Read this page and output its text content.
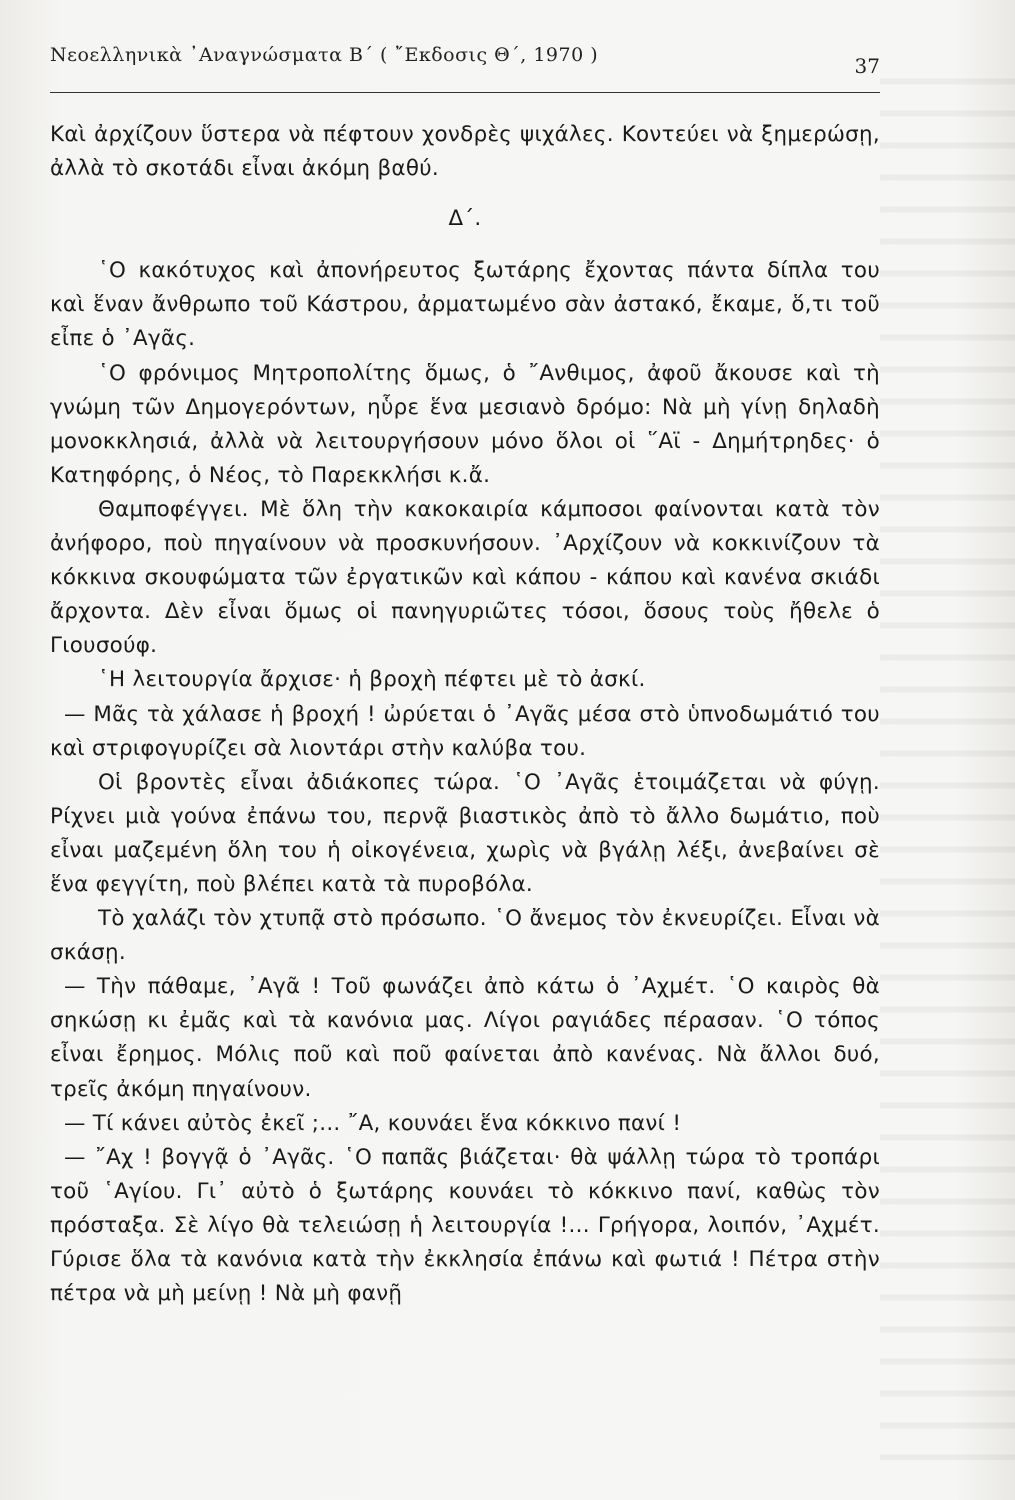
Νεοελληνικὰ ᾿Αναγνώσματα Β΄ ( ῎Εκδοσις Θ΄, 1970 )	37

Καὶ ἀρχίζουν ὕστερα νὰ πέφτουν χονδρὲς ψιχάλες. Κοντεύει νὰ ξημερώσῃ, ἀλλὰ τὸ σκοτάδι εἶναι ἀκόμη βαθύ.

Δ΄.

῾Ο κακότυχος καὶ ἀπονήρευτος ξωτάρης ἔχοντας πάντα δίπλα του καὶ ἕναν ἄνθρωπο τοῦ Κάστρου, ἀρματωμένο σὰν ἀστακό, ἔκαμε, ὅ,τι τοῦ εἶπε ὁ ᾿Αγᾶς.

῾Ο φρόνιμος Μητροπολίτης ὅμως, ὁ ῎Ανθιμος, ἀφοῦ ἄκουσε καὶ τὴ γνώμη τῶν Δημογερόντων, ηὗρε ἕνα μεσιανὸ δρόμο: Νὰ μὴ γίνῃ δηλαδὴ μονοκκλησιά, ἀλλὰ νὰ λειτουργήσουν μόνο ὅλοι οἱ ῞Αϊ - Δημήτρηδες· ὁ Κατηφόρης, ὁ Νέος, τὸ Παρεκκλήσι κ.ἄ.

Θαμποφέγγει. Μὲ ὅλη τὴν κακοκαιρία κάμποσοι φαίνονται κατὰ τὸν ἀνήφορο, ποὺ πηγαίνουν νὰ προσκυνήσουν. ᾿Αρχίζουν νὰ κοκκινίζουν τὰ κόκκινα σκουφώματα τῶν ἐργατικῶν καὶ κάπου - κάπου καὶ κανένα σκιάδι ἄρχοντα. Δὲν εἶναι ὅμως οἱ πανηγυριῶτες τόσοι, ὅσους τοὺς ἤθελε ὁ Γιουσούφ.

῾Η λειτουργία ἄρχισε· ἡ βροχὴ πέφτει μὲ τὸ ἀσκί.

— Μᾶς τὰ χάλασε ἡ βροχή ! ὠρύεται ὁ ᾿Αγᾶς μέσα στὸ ὑπνοδωμάτιό του καὶ στριφογυρίζει σὰ λιοντάρι στὴν καλύβα του.

Οἱ βροντὲς εἶναι ἀδιάκοπες τώρα. ῾Ο ᾿Αγᾶς ἑτοιμάζεται νὰ φύγῃ. Ρίχνει μιὰ γούνα ἐπάνω του, περνᾷ βιαστικὸς ἀπὸ τὸ ἄλλο δωμάτιο, ποὺ εἶναι μαζεμένη ὅλη του ἡ οἰκογένεια, χωρὶς νὰ βγάλῃ λέξι, ἀνεβαίνει σὲ ἕνα φεγγίτη, ποὺ βλέπει κατὰ τὰ πυροβόλα.

Τὸ χαλάζι τὸν χτυπᾷ στὸ πρόσωπο. ῾Ο ἄνεμος τὸν ἐκνευρίζει. Εἶναι νὰ σκάσῃ.

— Τὴν πάθαμε, ᾿Αγᾶ ! Τοῦ φωνάζει ἀπὸ κάτω ὁ ᾿Αχμέτ. ῾Ο καιρὸς θὰ σηκώσῃ κι ἐμᾶς καὶ τὰ κανόνια μας. Λίγοι ραγιάδες πέρασαν. ῾Ο τόπος εἶναι ἔρημος. Μόλις ποῦ καὶ ποῦ φαίνεται ἀπὸ κανένας. Νὰ ἄλλοι δυό, τρεῖς ἀκόμη πηγαίνουν.

— Τί κάνει αὐτὸς ἐκεῖ ;... ῎Α, κουνάει ἕνα κόκκινο πανί !

— ῎Αχ ! βογγᾷ ὁ ᾿Αγᾶς. ῾Ο παπᾶς βιάζεται· θὰ ψάλλῃ τώρα τὸ τροπάρι τοῦ ῾Αγίου. Γι᾿ αὐτὸ ὁ ξωτάρης κουνάει τὸ κόκκινο πανί, καθὼς τὸν πρόσταξα. Σὲ λίγο θὰ τελειώσῃ ἡ λειτουργία !... Γρήγορα, λοιπόν, ᾿Αχμέτ. Γύρισε ὅλα τὰ κανόνια κατὰ τὴν ἐκκλησία ἐπάνω καὶ φωτιά ! Πέτρα στὴν πέτρα νὰ μὴ μείνῃ ! Νὰ μὴ φανῇ
